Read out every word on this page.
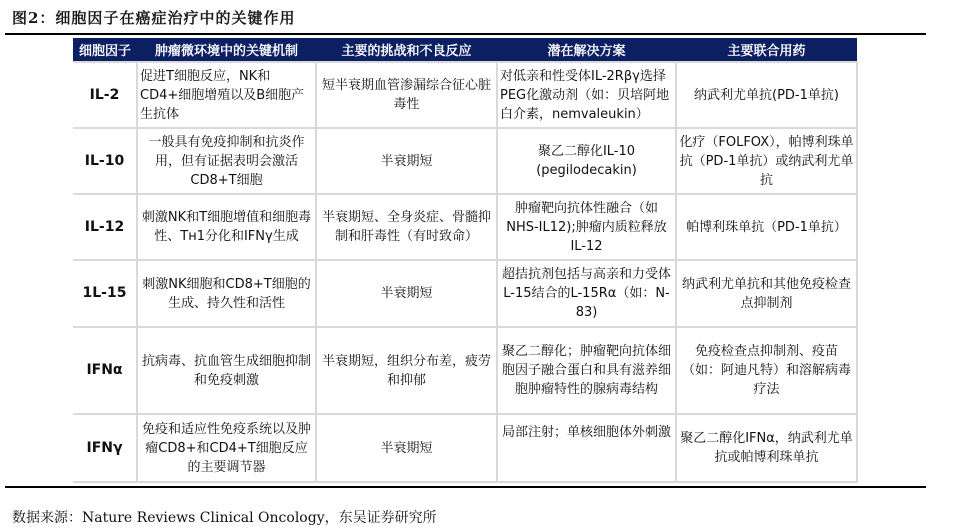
图2：细胞因子在癌症治疗中的关键作用
细胞因子	肿瘤微环境中的关键机制	主要的挑战和不良反应	潜在解决方案	主要联合用药
IL-2	促进T细胞反应，NK和CD4+细胞增殖以及B细胞产生抗体	短半衰期血管渗漏综合征心脏毒性	对低亲和性受体IL-2Rβγ选择PEG化激动剂（如：贝培阿地白介素，nemvaleukin）	纳武利尤单抗(PD-1单抗)
IL-10	一般具有免疫抑制和抗炎作用，但有证据表明会激活CD8+T细胞	半衰期短	聚乙二醇化IL-10 (pegilodecakin)	化疗（FOLFOX），帕博利珠单抗（PD-1单抗）或纳武利尤单抗
IL-12	刺激NK和T细胞增值和细胞毒性、Tʜ1分化和IFNγ生成	半衰期短、全身炎症、骨髓抑制和肝毒性（有时致命）	肿瘤靶向抗体性融合（如NHS-IL12);肿瘤内质粒释放IL-12	帕博利珠单抗（PD-1单抗）
1L-15	刺激NK细胞和CD8+T细胞的生成、持久性和活性	半衰期短	超拮抗剂包括与高亲和力受体L-15结合的L-15Rα（如：N-83)	纳武利尤单抗和其他免疫检查点抑制剂
IFNα	抗病毒、抗血管生成细胞抑制和免疫刺激	半衰期短，组织分布差，疲劳和抑郁	聚乙二醇化；肿瘤靶向抗体细胞因子融合蛋白和具有滋养细胞肿瘤特性的腺病毒结构	免疫检查点抑制剂、疫苗（如：阿迪凡特）和溶解病毒疗法
IFNγ	免疫和适应性免疫系统以及肿瘤CD8+和CD4+T细胞反应的主要调节器	半衰期短	局部注射；单核细胞体外刺激	聚乙二醇化IFNα，纳武利尤单抗或帕博利珠单抗
数据来源：Nature Reviews Clinical Oncology，东吴证券研究所
